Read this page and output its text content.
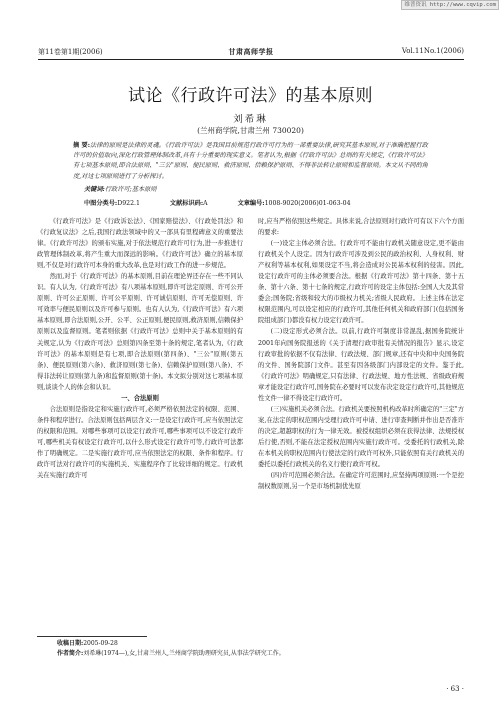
维普资讯 http://www.cqvip.com
第11卷第1期(2006)	甘肃高师学报	Vol.11No.1(2006)
试论《行政许可法》的基本原则
刘希琳
(兰州商学院,甘肃兰州 730020)
摘 要:法律的原则是法律的灵魂。《行政许可法》是我国目前规范行政许可行为的一部重要法律,研究其基本原则,对于准确把握行政许可的价值取向,深化行政管理体制改革,具有十分重要的现实意义。笔者认为,根据《行政许可法》总则的有关规定,《行政许可法》有七项基本原则,即合法原则、"三公"原则、便民原则、救济原则、信赖保护原则、不得非法转让原则和监督原则。本文从不同的角度,对这七项原则进行了分析探讨。
关键词:行政许可;基本原则
中图分类号:D922.1	文献标识码:A	文章编号:1008-9020(2006)01-063-04

《行政许可法》是《行政诉讼法》、《国家赔偿法》、《行政处罚法》和《行政复议法》之后,我国行政法领域中的又一部具有里程碑意义的重要法律。《行政许可法》的颁布实施,对于依法规范行政许可行为,进一步推进行政管理体制改革,将产生重大而深远的影响。《行政许可法》确立的基本原则,不仅是对行政许可本身的重大改革,也是对行政工作的进一步规范。

然而,对于《行政许可法》的基本原则,目前在理论界还存在一些不同认识。有人认为,《行政许可法》有八项基本原则,即许可法定原则、许可公开原则、许可公正原则、许可公平原则、许可诚信原则、许可无偿原则、许可效率与便民原则以及许可参与原则。也有人认为,《行政许可法》有六项基本原则,即合法原则,公开、公平、公正原则,便民原则,救济原则,信赖保护原则以及监督原则。笔者则依据《行政许可法》总则中关于基本原则的有关规定,认为《行政许可法》总则第四条至第十条的规定,笔者认为,《行政许可法》的基本原则是有七项,即合法原则(第四条)、"三公"原则(第五条)、便民原则(第六条)、救济原则(第七条)、信赖保护原则(第八条)、不得非法转让原则(第九条)和监督原则(第十条)。本文拟分别对这七项基本原则,谈谈个人的体会和认识。

一、合法原则

合法原则是指设定和实施行政许可,必须严格依照法定的权限、范围、条件和程序进行。合法原则包括两层含义:一是设定行政许可,应当依照法定的权限和范围。对哪些事项可以设定行政许可,哪些事项可以不设定行政许可,哪些机关有权设定行政许可,以什么形式设定行政许可等,行政许可法都作了明确规定。二是实施行政许可,应当依照法定的权限、条件和程序。行政许可法对行政许可的实施机关、实施程序作了比较详细的规定。行政机关在实施行政许可

时,应当严格依照这些规定。具体来说,合法原则对行政许可有以下六个方面的要求:

(一)设定主体必须合法。行政许可不能由行政机关随意设定,更不能由行政机关个人设定。因为行政许可涉及到公民的政治权利、人身权利、财产权利等基本权利,如果设定不当,将会造成对公民基本权利的侵害。因此,设定行政许可的主体必须要合法。根据《行政许可法》第十四条、第十五条、第十六条、第十七条的规定,行政许可的设定主体包括:全国人大及其常委会;国务院;省级和较大的市级权力机关;省级人民政府。上述主体在法定权限范围内,可以设定相应的行政许可,其他任何机关和政府部门(包括国务院组成部门)都没有权力设定行政许可。

(二)设定形式必须合法。以前,行政许可制度非常混乱,据国务院统计2001年向国务院报送的《关于清理行政审批有关情况的报告》显示,设定行政审批的依据不仅有法律、行政法规、部门规章,还有中央和中央国务院的文件、国务院部门文件。甚至有因各级部门内部设定的文件。鉴于此,《行政许可法》明确规定,只有法律、行政法规、地方性法规、省级政府规章才能设定行政许可,国务院在必要时可以发布决定设定行政许可,其他规范性文件一律不得设定行政许可。

(三)实施机关必须合法。行政机关要按照机构改革时所确定的"三定"方案,在法定的职权范围内受理行政许可申请、进行审查判断并作出是否准许的决定,超越职权的行为一律无效。被授权组织必须在获得法律、法规授权后行使,否则,不能在法定授权范围内实施行政许可。受委托的行政机关,除在本机关的职权范围内行使法定的行政许可权外,只能依照有关行政机关的委托以委托行政机关的名义行使行政许可权。

(四)许可范围必须合法。在确定许可范围时,应坚持两项原则:一个是控制权数原则,另一个是市场机制优先原

收稿日期:2005-09-28
作者简介:刘希琳(1974—),女,甘肃兰州人,兰州商学院助理研究员,从事法学研究工作。
· 63 ·
